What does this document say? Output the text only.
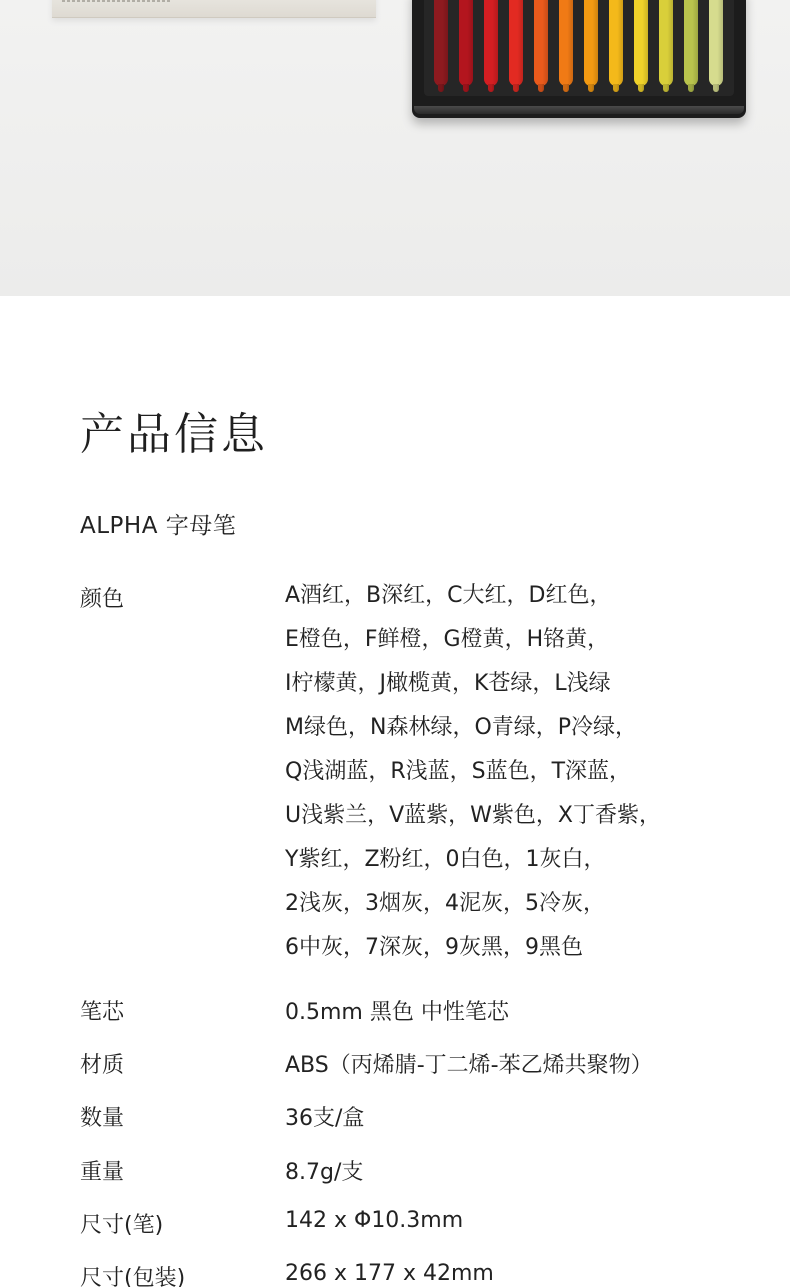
产品信息
ALPHA 字母笔
颜色	A酒红，B深红，C大红，D红色，
E橙色，F鲜橙，G橙黄，H铬黄，
I柠檬黄，J橄榄黄，K苍绿，L浅绿
M绿色，N森林绿，O青绿，P冷绿，
Q浅湖蓝，R浅蓝，S蓝色，T深蓝，
U浅紫兰，V蓝紫，W紫色，X丁香紫，
Y紫红，Z粉红，0白色，1灰白，
2浅灰，3烟灰，4泥灰，5冷灰，
6中灰，7深灰，9灰黑，9黑色
笔芯	0.5mm 黑色 中性笔芯
材质	ABS（丙烯腈-丁二烯-苯乙烯共聚物）
数量	36支/盒
重量	8.7g/支
尺寸(笔)	142 x Φ10.3mm
尺寸(包装)	266 x 177 x 42mm
